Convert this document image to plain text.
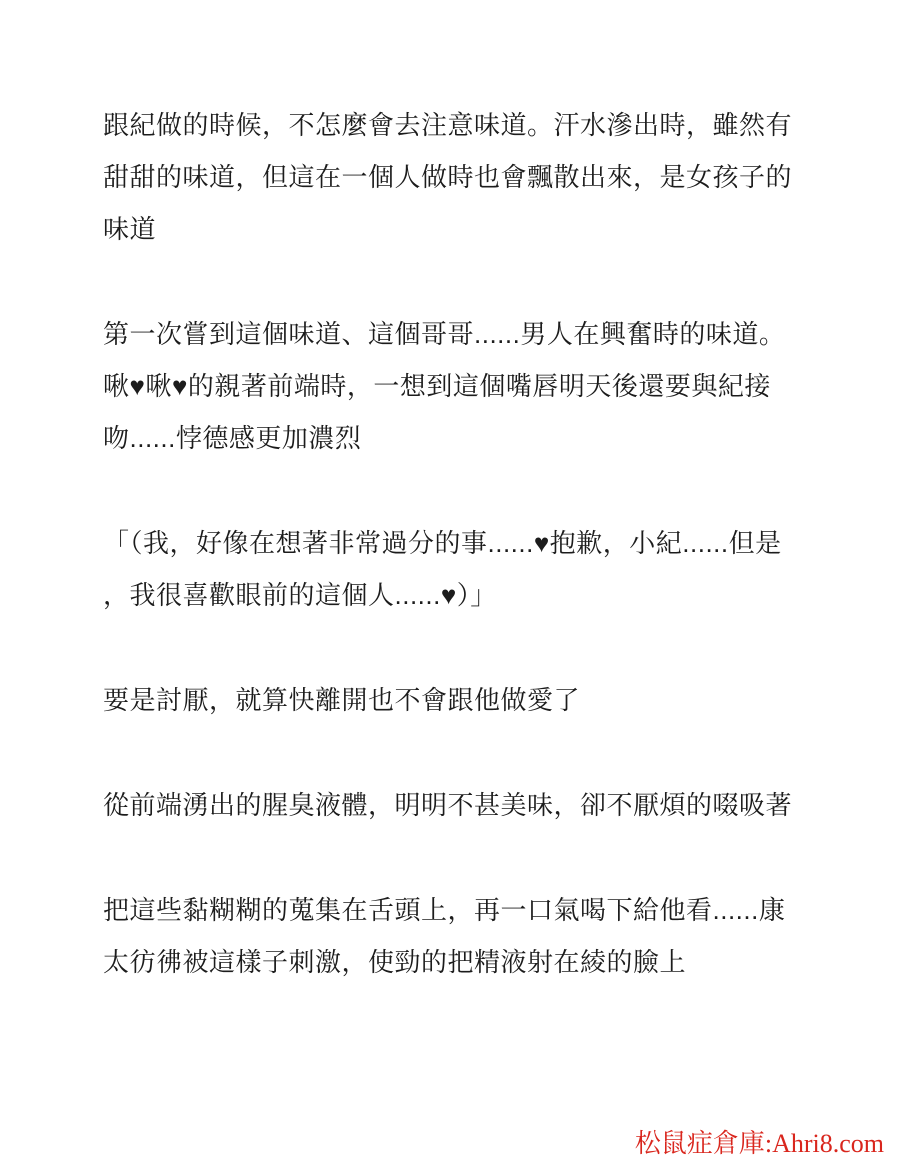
跟紀做的時候，不怎麼會去注意味道。汗水滲出時，雖然有
甜甜的味道，但這在一個人做時也會飄散出來，是女孩子的
味道

第一次嘗到這個味道、這個哥哥......男人在興奮時的味道。
啾♥啾♥的親著前端時，一想到這個嘴唇明天後還要與紀接
吻......悖德感更加濃烈

「（我，好像在想著非常過分的事......♥抱歉，小紀......但是
，我很喜歡眼前的這個人......♥）」

要是討厭，就算快離開也不會跟他做愛了

從前端湧出的腥臭液體，明明不甚美味，卻不厭煩的啜吸著

把這些黏糊糊的蒐集在舌頭上，再一口氣喝下給他看......康
太彷彿被這樣子刺激，使勁的把精液射在綾的臉上

松鼠症倉庫:Ahri8.com
